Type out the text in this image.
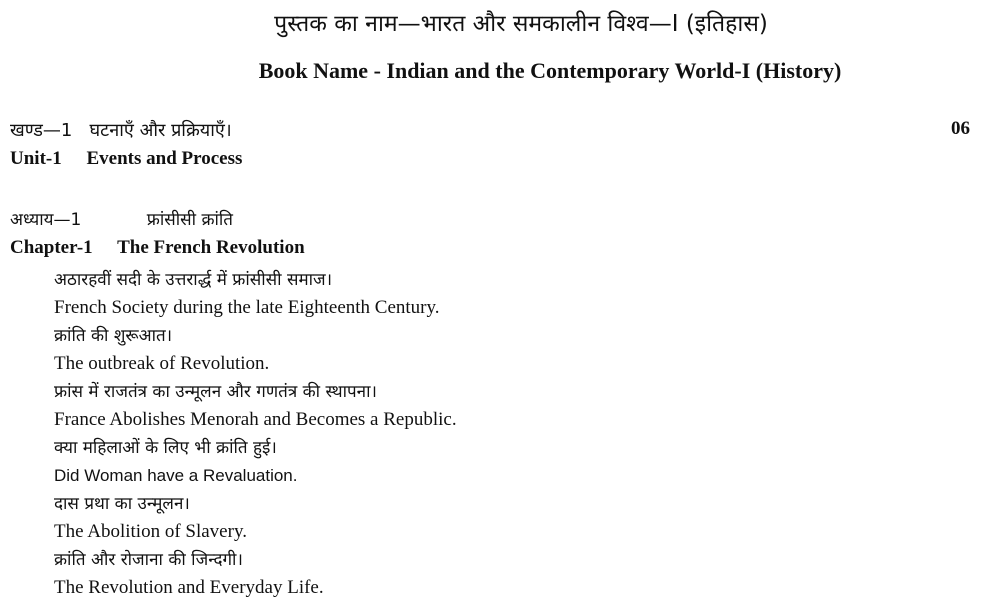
पुस्तक का नाम—भारत और समकालीन विश्व—I (इतिहास)
Book Name - Indian and the Contemporary World-I (History)
खण्ड—1 घटनाएँ और प्रक्रियाएँ।	06
Unit-1 Events and Process
अध्याय—1	फ्रांसीसी क्रांति
Chapter-1 The French Revolution
अठारहवीं सदी के उत्तरार्द्ध में फ्रांसीसी समाज।
French Society during the late Eighteenth Century.
क्रांति की शुरूआत।
The outbreak of Revolution.
फ्रांस में राजतंत्र का उन्मूलन और गणतंत्र की स्थापना।
France Abolishes Menorah and Becomes a Republic.
क्या महिलाओं के लिए भी क्रांति हुई।
Did Woman have a Revaluation.
दास प्रथा का उन्मूलन।
The Abolition of Slavery.
क्रांति और रोजाना की जिन्दगी।
The Revolution and Everyday Life.
